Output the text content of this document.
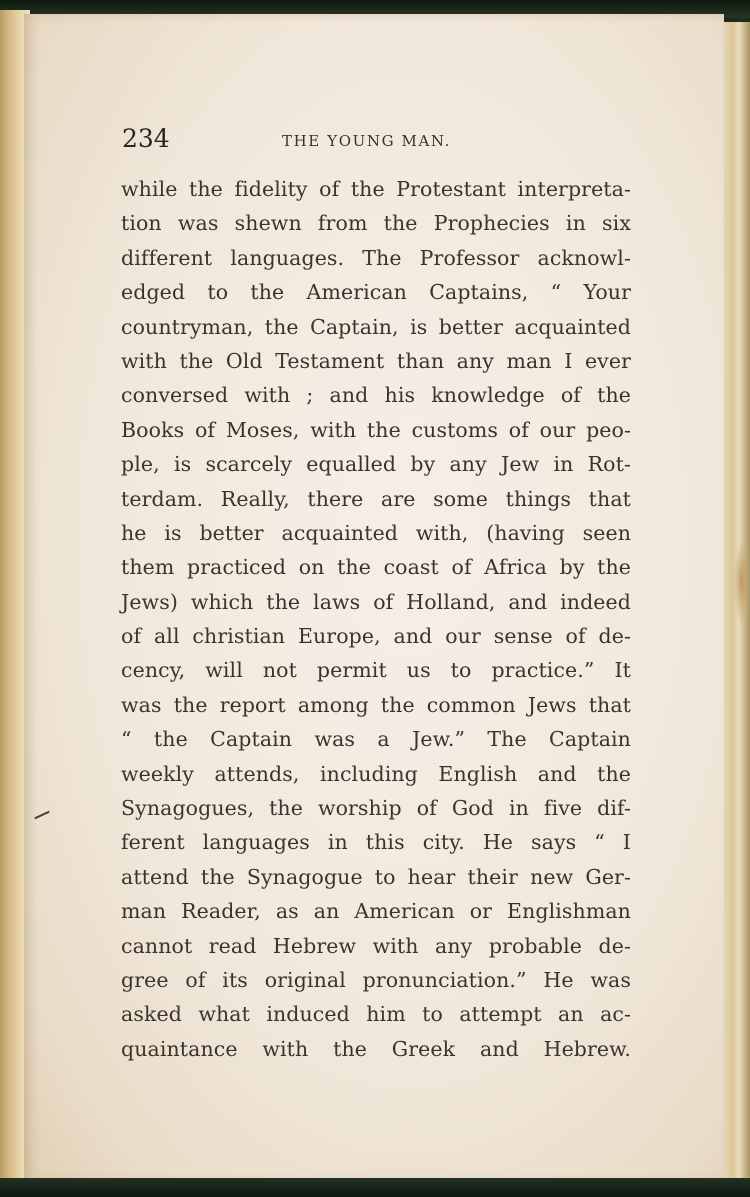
234	THE YOUNG MAN.
while the fidelity of the Protestant interpreta-
tion was shewn from the Prophecies in six
different languages. The Professor acknowl-
edged to the American Captains, “ Your
countryman, the Captain, is better acquainted
with the Old Testament than any man I ever
conversed with ; and his knowledge of the
Books of Moses, with the customs of our peo-
ple, is scarcely equalled by any Jew in Rot-
terdam. Really, there are some things that
he is better acquainted with, (having seen
them practiced on the coast of Africa by the
Jews) which the laws of Holland, and indeed
of all christian Europe, and our sense of de-
cency, will not permit us to practice.” It
was the report among the common Jews that
“ the Captain was a Jew.” The Captain
weekly attends, including English and the
Synagogues, the worship of God in five dif-
ferent languages in this city. He says “ I
attend the Synagogue to hear their new Ger-
man Reader, as an American or Englishman
cannot read Hebrew with any probable de-
gree of its original pronunciation.” He was
asked what induced him to attempt an ac-
quaintance with the Greek and Hebrew.
